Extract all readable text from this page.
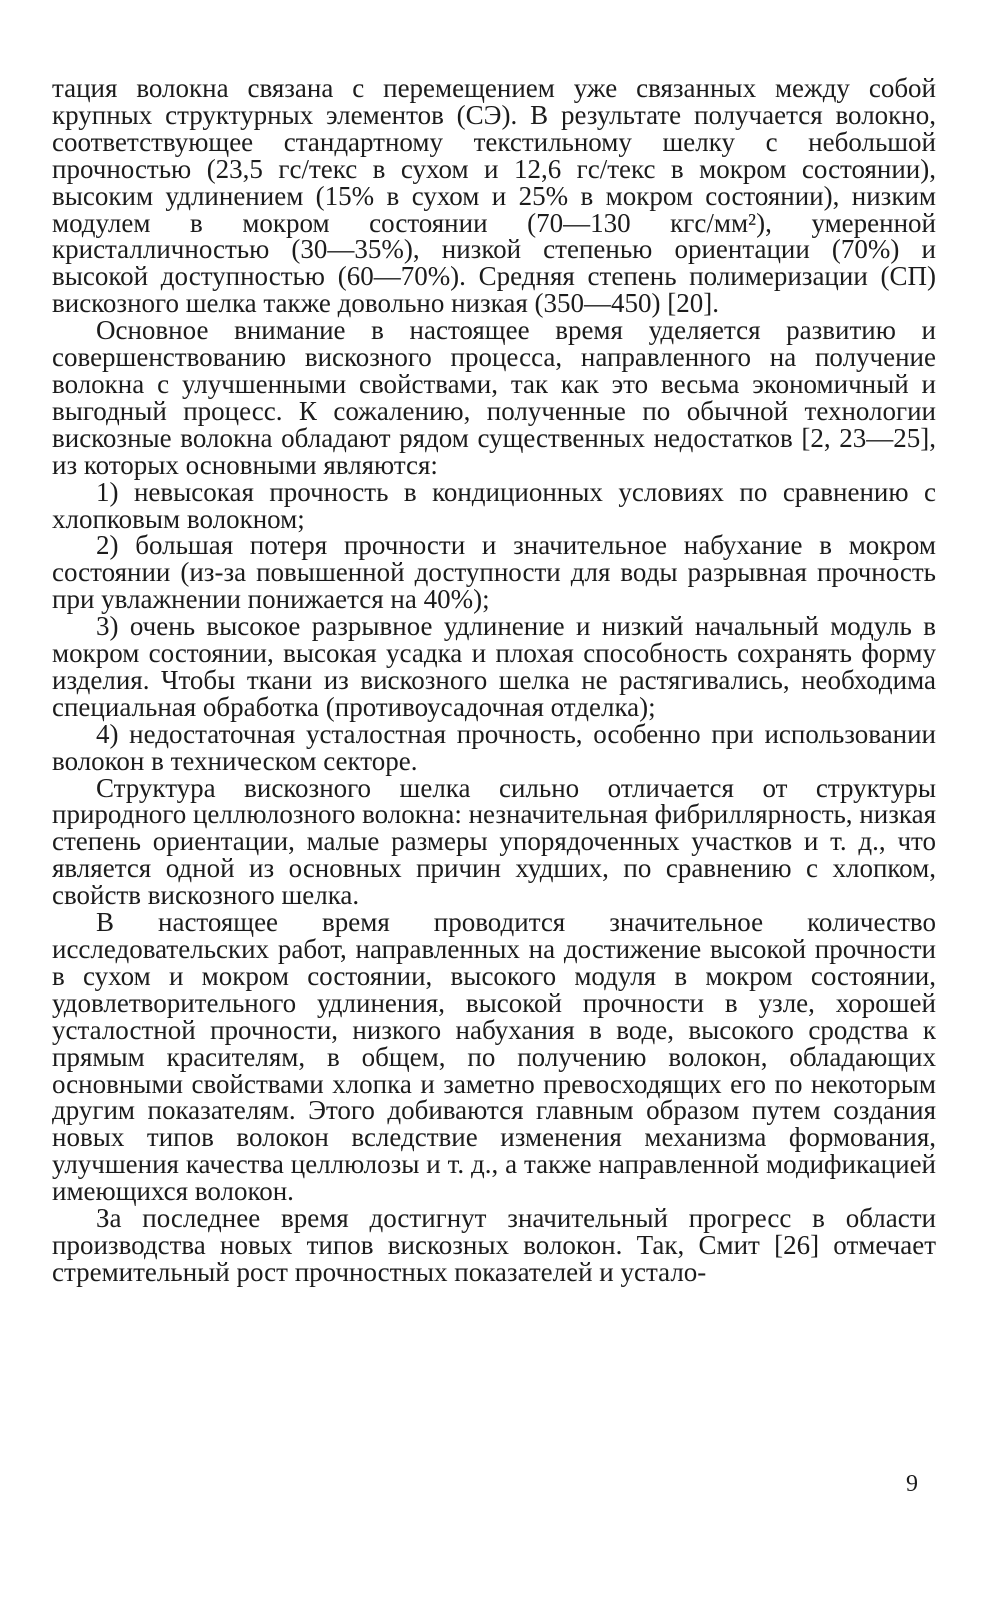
тация волокна связана с перемещением уже связанных между собой крупных структурных элементов (СЭ). В результате получается волокно, соответствующее стандартному текстильному шелку с небольшой прочностью (23,5 гс/текс в сухом и 12,6 гс/текс в мокром состоянии), высоким удлинением (15% в сухом и 25% в мокром состоянии), низким модулем в мокром состоянии (70—130 кгс/мм²), умеренной кристалличностью (30—35%), низкой степенью ориентации (70%) и высокой доступностью (60—70%). Средняя степень полимеризации (СП) вискозного шелка также довольно низкая (350—450) [20].

Основное внимание в настоящее время уделяется развитию и совершенствованию вискозного процесса, направленного на получение волокна с улучшенными свойствами, так как это весьма экономичный и выгодный процесс. К сожалению, полученные по обычной технологии вискозные волокна обладают рядом существенных недостатков [2, 23—25], из которых основными являются:

1) невысокая прочность в кондиционных условиях по сравнению с хлопковым волокном;

2) большая потеря прочности и значительное набухание в мокром состоянии (из-за повышенной доступности для воды разрывная прочность при увлажнении понижается на 40%);

3) очень высокое разрывное удлинение и низкий начальный модуль в мокром состоянии, высокая усадка и плохая способность сохранять форму изделия. Чтобы ткани из вискозного шелка не растягивались, необходима специальная обработка (противоусадочная отделка);

4) недостаточная усталостная прочность, особенно при использовании волокон в техническом секторе.

Структура вискозного шелка сильно отличается от структуры природного целлюлозного волокна: незначительная фибриллярность, низкая степень ориентации, малые размеры упорядоченных участков и т. д., что является одной из основных причин худших, по сравнению с хлопком, свойств вискозного шелка.

В настоящее время проводится значительное количество исследовательских работ, направленных на достижение высокой прочности в сухом и мокром состоянии, высокого модуля в мокром состоянии, удовлетворительного удлинения, высокой прочности в узле, хорошей усталостной прочности, низкого набухания в воде, высокого сродства к прямым красителям, в общем, по получению волокон, обладающих основными свойствами хлопка и заметно превосходящих его по некоторым другим показателям. Этого добиваются главным образом путем создания новых типов волокон вследствие изменения механизма формования, улучшения качества целлюлозы и т. д., а также направленной модификацией имеющихся волокон.

За последнее время достигнут значительный прогресс в области производства новых типов вискозных волокон. Так, Смит [26] отмечает стремительный рост прочностных показателей и устало-

9
